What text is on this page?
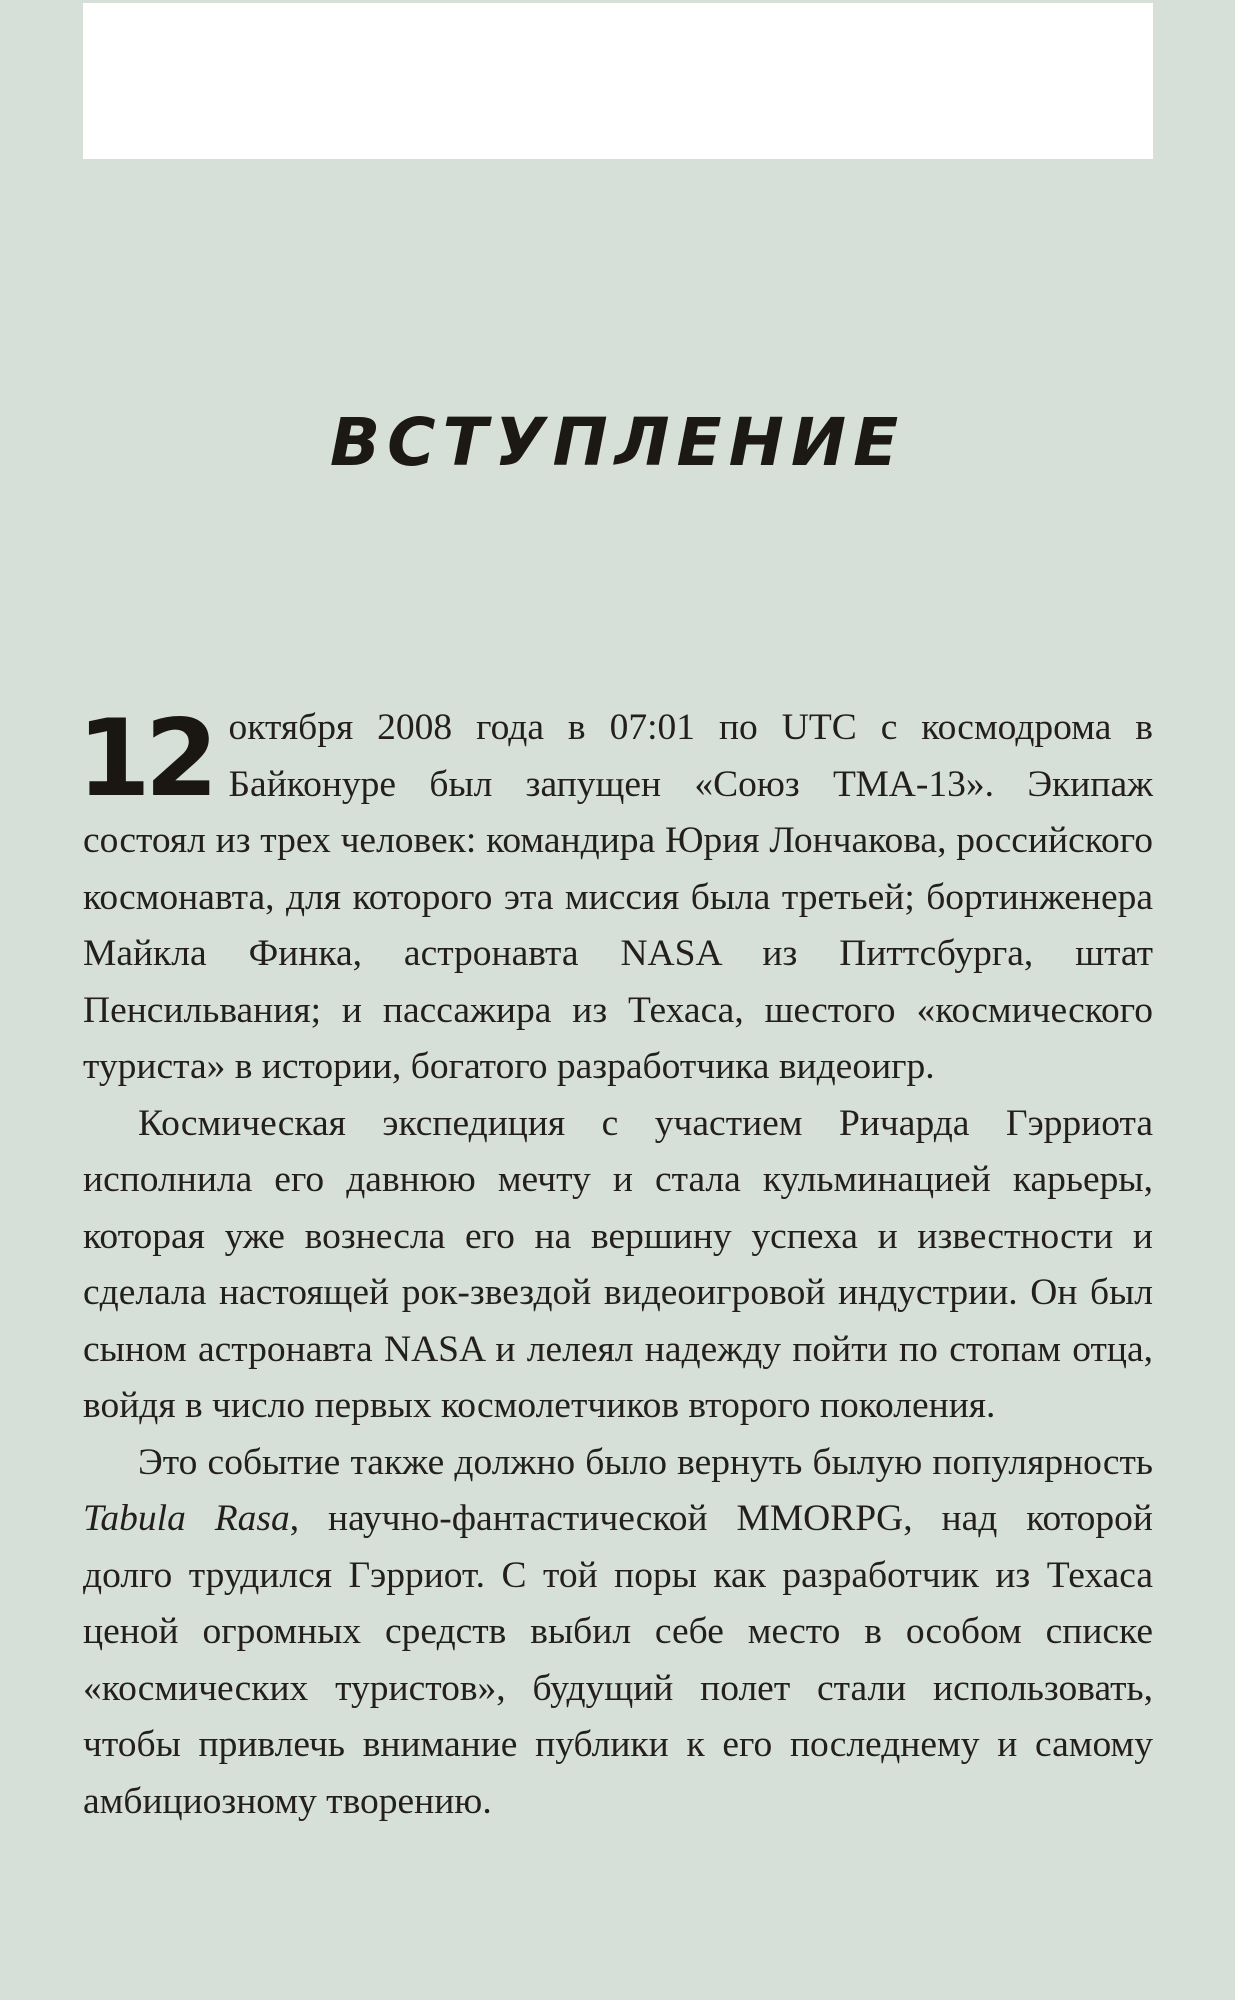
ВСТУПЛЕНИЕ

12 октября 2008 года в 07:01 по UTC с космодрома в Байконуре был запущен «Союз ТМА-13». Экипаж состоял из трех человек: командира Юрия Лончакова, российского космонавта, для которого эта миссия была третьей; бортинженера Майкла Финка, астронавта NASA из Питтсбурга, штат Пенсильвания; и пассажира из Техаса, шестого «космического туриста» в истории, богатого разработчика видеоигр.

Космическая экспедиция с участием Ричарда Гэрриота исполнила его давнюю мечту и стала кульминацией карьеры, которая уже вознесла его на вершину успеха и известности и сделала настоящей рок-звездой видеоигровой индустрии. Он был сыном астронавта NASA и лелеял надежду пойти по стопам отца, войдя в число первых космолетчиков второго поколения.

Это событие также должно было вернуть былую популярность Tabula Rasa, научно-фантастической MMORPG, над которой долго трудился Гэрриот. С той поры как разработчик из Техаса ценой огромных средств выбил себе место в особом списке «космических туристов», будущий полет стали использовать, чтобы привлечь внимание публики к его последнему и самому амбициозному творению.
